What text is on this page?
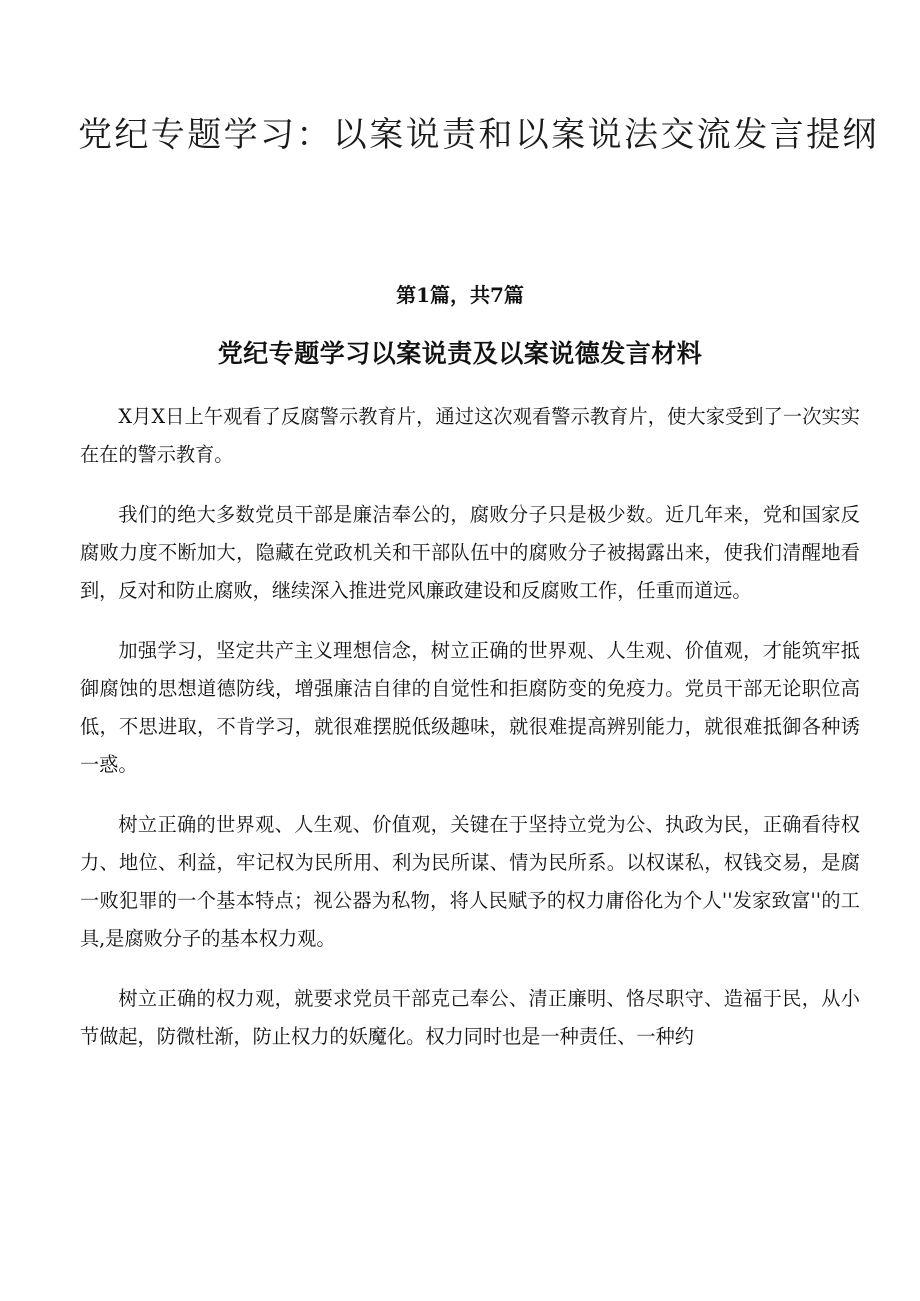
党纪专题学习：以案说责和以案说法交流发言提纲
第1篇，共7篇
党纪专题学习以案说责及以案说德发言材料

X月X日上午观看了反腐警示教育片，通过这次观看警示教育片，使大家受到了一次实实在在的警示教育。

我们的绝大多数党员干部是廉洁奉公的，腐败分子只是极少数。近几年来，党和国家反腐败力度不断加大，隐藏在党政机关和干部队伍中的腐败分子被揭露出来，使我们清醒地看到，反对和防止腐败，继续深入推进党风廉政建设和反腐败工作，任重而道远。

加强学习，坚定共产主义理想信念，树立正确的世界观、人生观、价值观，才能筑牢抵御腐蚀的思想道德防线，增强廉洁自律的自觉性和拒腐防变的免疫力。党员干部无论职位高低，不思进取，不肯学习，就很难摆脱低级趣味，就很难提高辨别能力，就很难抵御各种诱一惑。

树立正确的世界观、人生观、价值观，关键在于坚持立党为公、执政为民，正确看待权力、地位、利益，牢记权为民所用、利为民所谋、情为民所系。以权谋私，权钱交易，是腐一败犯罪的一个基本特点；视公器为私物，将人民赋予的权力庸俗化为个人''发家致富''的工具,是腐败分子的基本权力观。

树立正确的权力观，就要求党员干部克己奉公、清正廉明、恪尽职守、造福于民，从小节做起，防微杜渐，防止权力的妖魔化。权力同时也是一种责任、一种约
